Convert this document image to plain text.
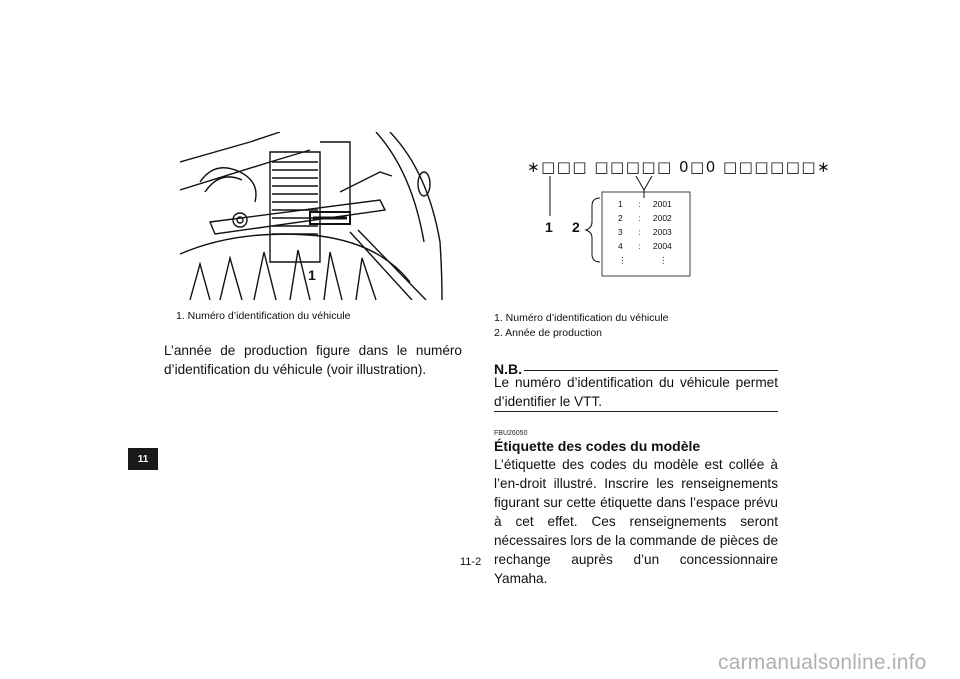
11
1
1. Numéro d’identification du véhicule
L’année de production figure dans le numéro d’identification du véhicule (voir illustration).
∗□□□ □□□□□ 0□0 □□□□□□∗
1 2
1	:	2001
2	:	2002
3	:	2003
4	:	2004
⋮		⋮
1. Numéro d’identification du véhicule
2. Année de production
N.B.
Le numéro d’identification du véhicule permet d’identifier le VTT.
FBU26050
Étiquette des codes du modèle
L’étiquette des codes du modèle est collée à l’en-droit illustré. Inscrire les renseignements figurant sur cette étiquette dans l’espace prévu à cet effet. Ces renseignements seront nécessaires lors de la commande de pièces de rechange auprès d’un concessionnaire Yamaha.
11-2
carmanualsonline.info
